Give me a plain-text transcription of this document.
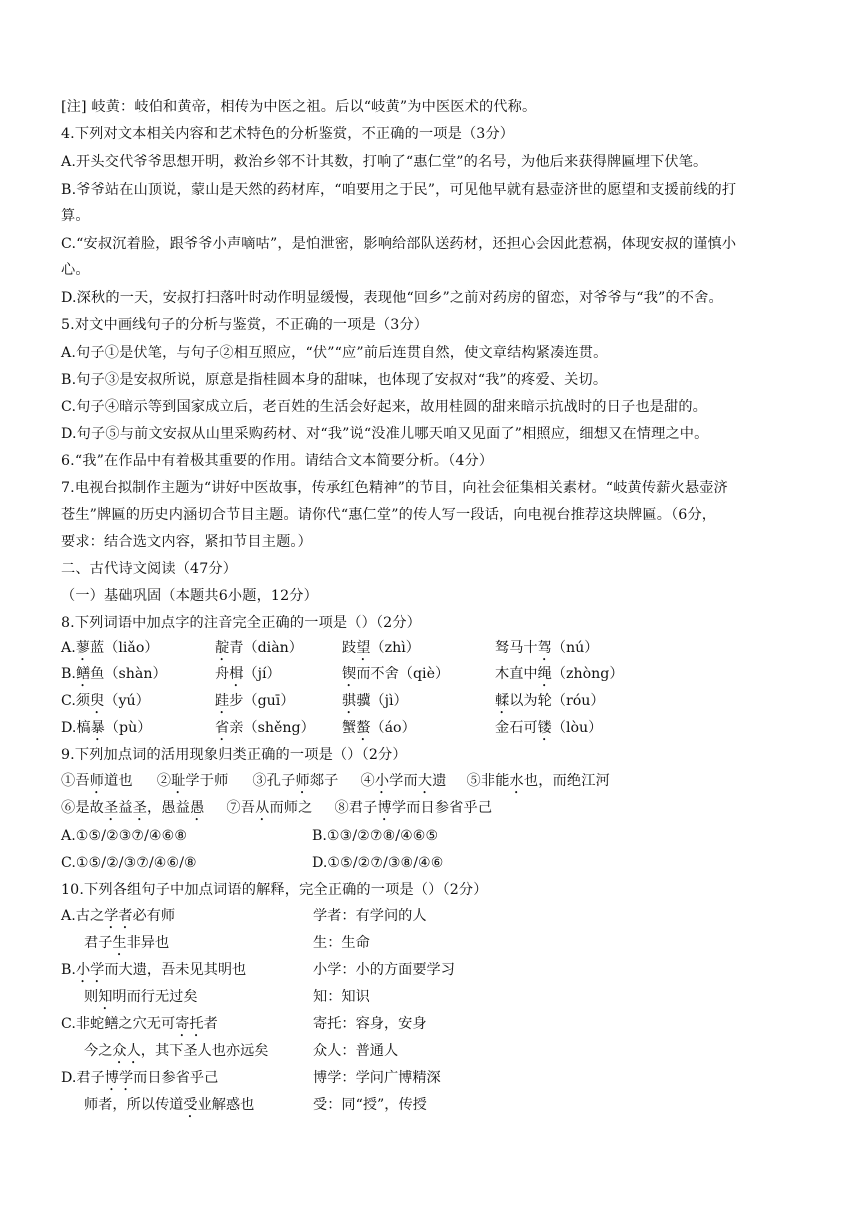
[注] 岐黄：岐伯和黄帝，相传为中医之祖。后以“岐黄”为中医医术的代称。
4.下列对文本相关内容和艺术特色的分析鉴赏，不正确的一项是（3分）
A.开头交代爷爷思想开明，救治乡邻不计其数，打响了“惠仁堂”的名号，为他后来获得牌匾埋下伏笔。
B.爷爷站在山顶说，蒙山是天然的药材库，“咱要用之于民”，可见他早就有悬壶济世的愿望和支援前线的打
算。
C.“安叔沉着脸，跟爷爷小声嘀咕”，是怕泄密，影响给部队送药材，还担心会因此惹祸，体现安叔的谨慎小
心。
D.深秋的一天，安叔打扫落叶时动作明显缓慢，表现他“回乡”之前对药房的留恋，对爷爷与“我”的不舍。
5.对文中画线句子的分析与鉴赏，不正确的一项是（3分）
A.句子①是伏笔，与句子②相互照应，“伏”“应”前后连贯自然，使文章结构紧凑连贯。
B.句子③是安叔所说，原意是指桂圆本身的甜味，也体现了安叔对“我”的疼爱、关切。
C.句子④暗示等到国家成立后，老百姓的生活会好起来，故用桂圆的甜来暗示抗战时的日子也是甜的。
D.句子⑤与前文安叔从山里采购药材、对“我”说“没准儿哪天咱又见面了”相照应，细想又在情理之中。
6.“我”在作品中有着极其重要的作用。请结合文本简要分析。（4分）
7.电视台拟制作主题为“讲好中医故事，传承红色精神”的节目，向社会征集相关素材。“岐黄传薪火悬壶济
苍生”牌匾的历史内涵切合节目主题。请你代“惠仁堂”的传人写一段话，向电视台推荐这块牌匾。（6分，
要求：结合选文内容，紧扣节目主题。）
二、古代诗文阅读（47分）
（一）基础巩固（本题共6小题，12分）
8.下列词语中加点字的注音完全正确的一项是（）（2分）
A.蓼蓝（liǎo）	靛青（diàn）	跂望（zhì）	驽马十驾（nú）
B.鳝鱼（shàn）	舟楫（jí）	锲而不舍（qiè）	木直中绳（zhòng）
C.须臾（yú）	跬步（guī）	骐骥（jì）	輮以为轮（róu）
D.槁暴（pù）	省亲（shěng） 蟹螯（áo）	金石可镂（lòu）
9.下列加点词的活用现象归类正确的一项是（）（2分）
①吾师道也 ②耻学于师 ③孔子师郯子 ④小学而大遗 ⑤非能水也，而绝江河
⑥是故圣益圣，愚益愚 ⑦吾从而师之 ⑧君子博学而日参省乎己
A.①⑤/②③⑦/④⑥⑧	B.①③/②⑦⑧/④⑥⑤
C.①⑤/②/③⑦/④⑥/⑧	D.①⑤/②⑦/③⑧/④⑥
10.下列各组句子中加点词语的解释，完全正确的一项是（）（2分）
A.古之学者必有师	学者：有学问的人
君子生非异也	生：生命
B.小学而大遗，吾未见其明也	小学：小的方面要学习
则知明而行无过矣	知：知识
C.非蛇鳝之穴无可寄托者	寄托：容身，安身
今之众人，其下圣人也亦远矣	众人：普通人
D.君子博学而日参省乎己	博学：学问广博精深
师者，所以传道受业解惑也	受：同“授”，传授
